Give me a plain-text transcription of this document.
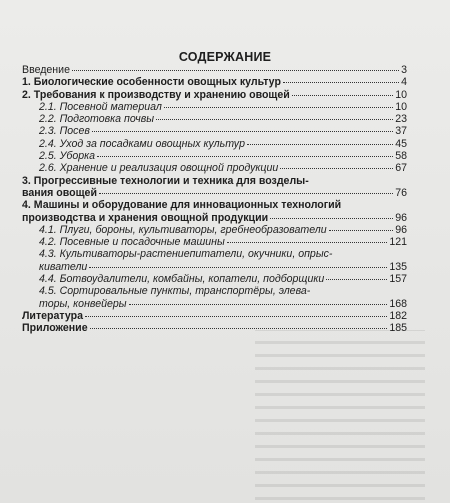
СОДЕРЖАНИЕ
Введение	3
1. Биологические особенности овощных культур	4
2. Требования к производству и хранению овощей	10
2.1. Посевной материал	10
2.2. Подготовка почвы	23
2.3. Посев	37
2.4. Уход за посадками овощных культур	45
2.5. Уборка	58
2.6. Хранение и реализация овощной продукции	67
3. Прогрессивные технологии и техника для возделы-
вания овощей	76
4. Машины и оборудование для инновационных технологий
производства и хранения овощной продукции	96
4.1. Плуги, бороны, культиваторы, гребнеобразователи	96
4.2. Посевные и посадочные машины	121
4.3. Культиваторы-растениепитатели, окучники, опрыс-
киватели	135
4.4. Ботвоудалители, комбайны, копатели, подборщики	157
4.5. Сортировальные пункты, транспортёры, элева-
торы, конвейеры	168
Литература	182
Приложение	185
